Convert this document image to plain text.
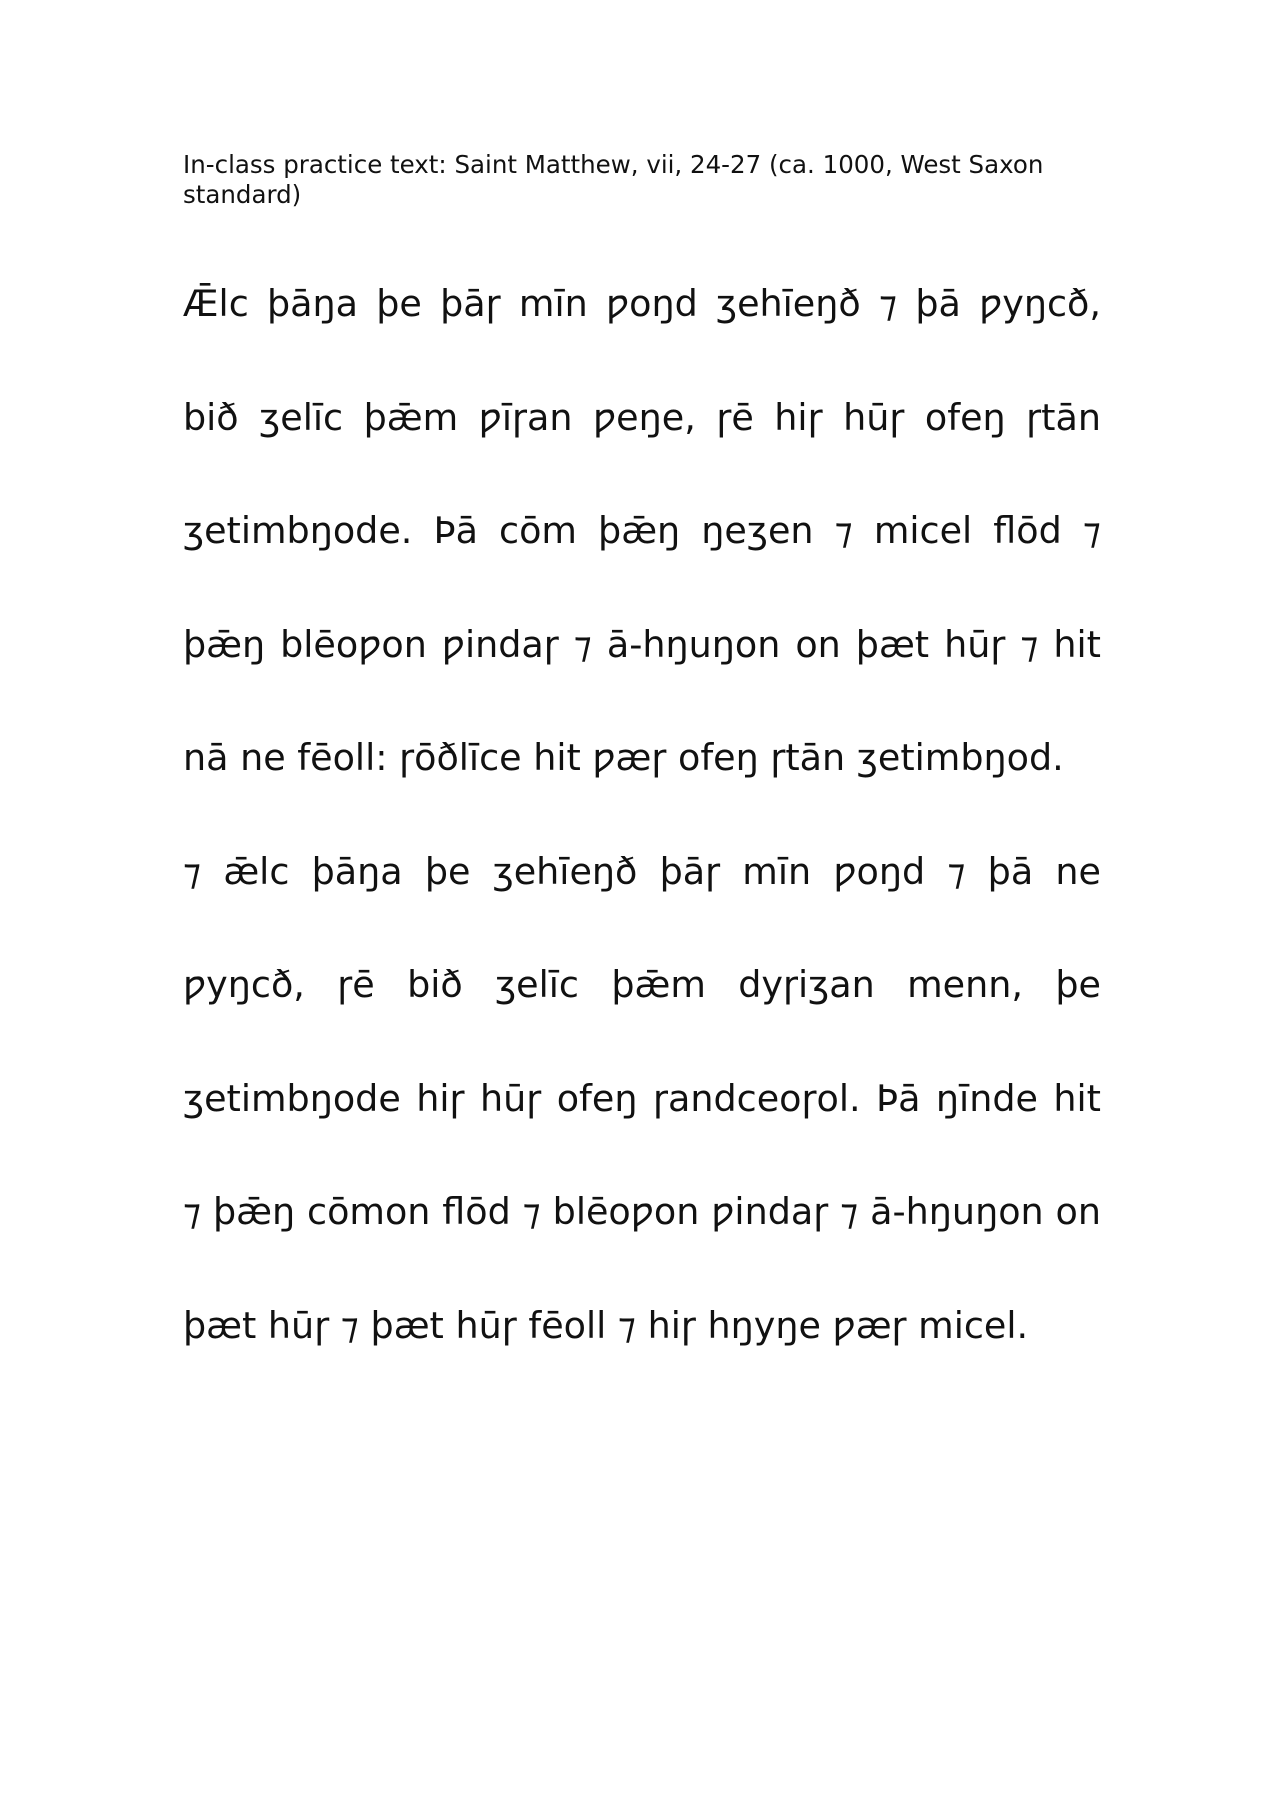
In-class practice text: Saint Matthew, vii, 24-27 (ca. 1000, West Saxon standard)

Ǣlc þāŋa þe þāɼ mīn ƿoŋd ʒehīeŋð ⁊ þā ƿyŋcð, bið ʒelīc þǣm ƿīɼan ƿeŋe, ɼē hiɼ hūɼ ofeŋ ɼtān ʒetimbŋode. Þā cōm þǣŋ ŋeʒen ⁊ micel flōd ⁊ þǣŋ blēoƿon ƿindaɼ ⁊ ā-hŋuŋon on þæt hūɼ ⁊ hit nā ne fēoll: ɼōðlīce hit ƿæɼ ofeŋ ɼtān ʒetimbŋod.

⁊ ǣlc þāŋa þe ʒehīeŋð þāɼ mīn ƿoŋd ⁊ þā ne ƿyŋcð, ɼē bið ʒelīc þǣm dyɼiʒan menn, þe ʒetimbŋode hiɼ hūɼ ofeŋ ɼandceoɼol. Þā ŋīnde hit ⁊ þǣŋ cōmon flōd ⁊ blēoƿon ƿindaɼ ⁊ ā-hŋuŋon on þæt hūɼ ⁊ þæt hūɼ fēoll ⁊ hiɼ hŋyŋe ƿæɼ micel.
